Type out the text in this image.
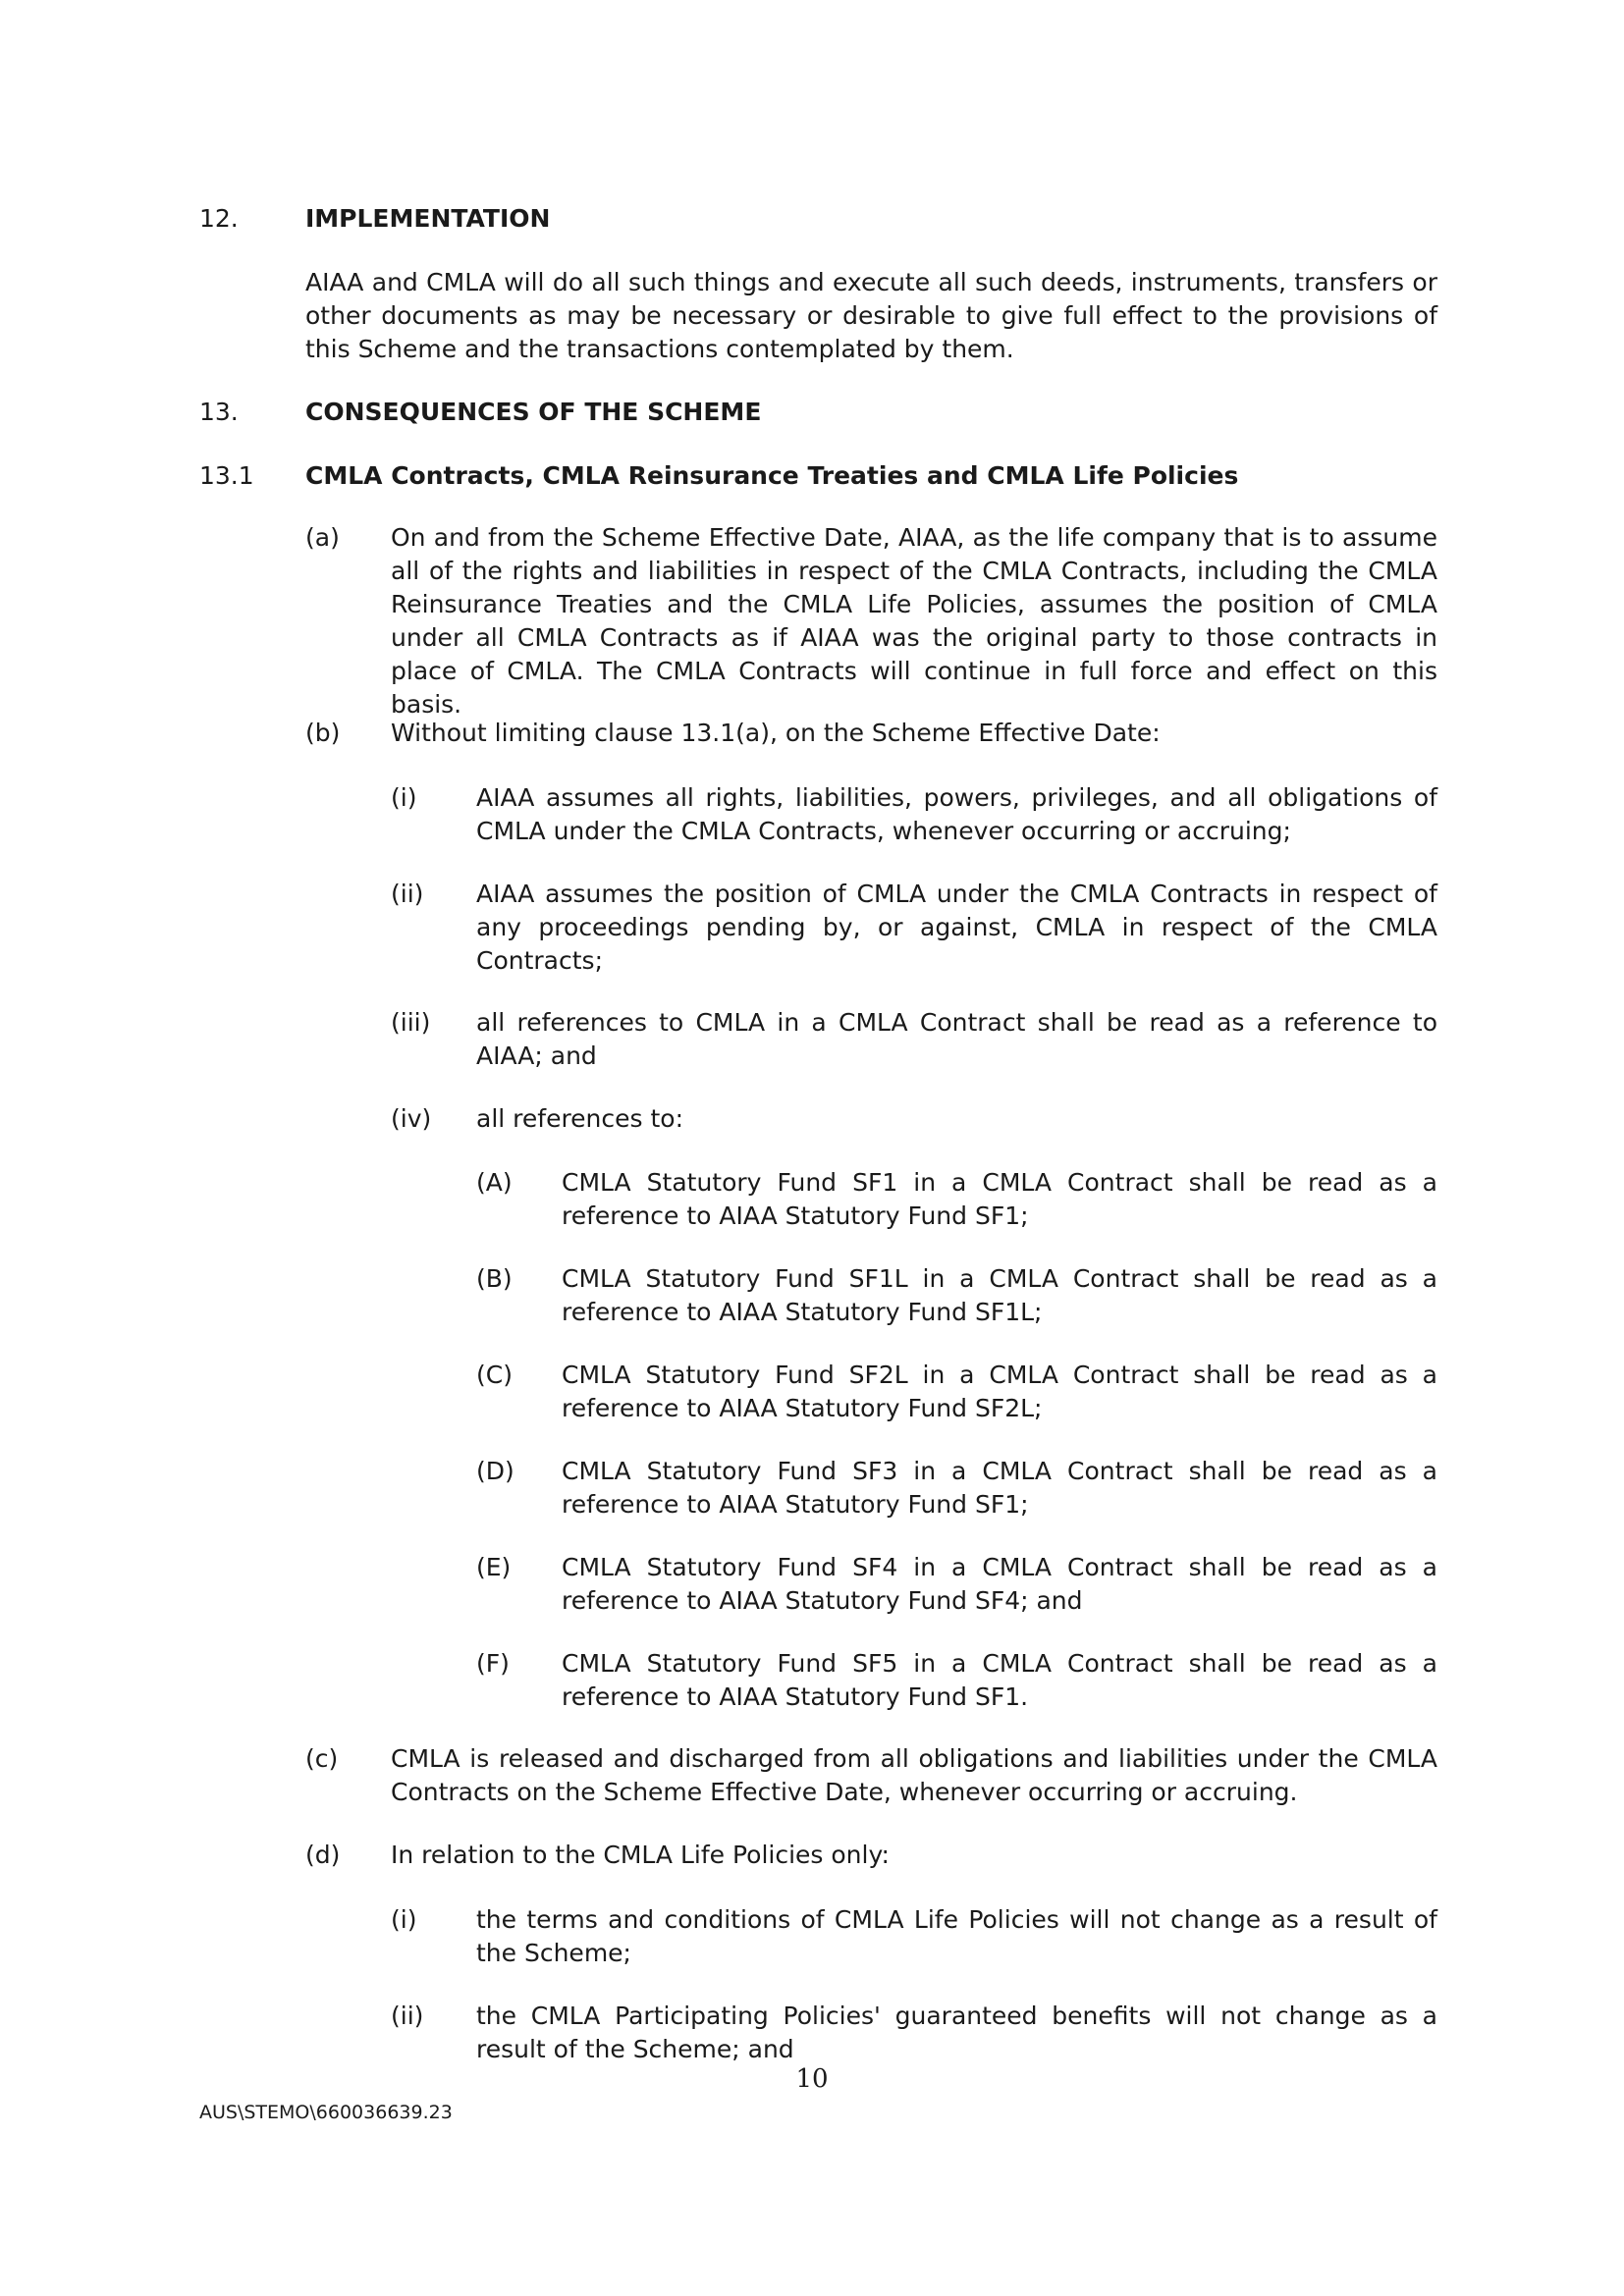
12.	IMPLEMENTATION
AIAA and CMLA will do all such things and execute all such deeds, instruments, transfers or other documents as may be necessary or desirable to give full effect to the provisions of this Scheme and the transactions contemplated by them.
13.	CONSEQUENCES OF THE SCHEME
13.1 CMLA Contracts, CMLA Reinsurance Treaties and CMLA Life Policies
(a) On and from the Scheme Effective Date, AIAA, as the life company that is to assume all of the rights and liabilities in respect of the CMLA Contracts, including the CMLA Reinsurance Treaties and the CMLA Life Policies, assumes the position of CMLA under all CMLA Contracts as if AIAA was the original party to those contracts in place of CMLA. The CMLA Contracts will continue in full force and effect on this basis.
(b) Without limiting clause 13.1(a), on the Scheme Effective Date:
(i) AIAA assumes all rights, liabilities, powers, privileges, and all obligations of CMLA under the CMLA Contracts, whenever occurring or accruing;
(ii) AIAA assumes the position of CMLA under the CMLA Contracts in respect of any proceedings pending by, or against, CMLA in respect of the CMLA Contracts;
(iii) all references to CMLA in a CMLA Contract shall be read as a reference to AIAA; and
(iv) all references to:
(A) CMLA Statutory Fund SF1 in a CMLA Contract shall be read as a reference to AIAA Statutory Fund SF1;
(B) CMLA Statutory Fund SF1L in a CMLA Contract shall be read as a reference to AIAA Statutory Fund SF1L;
(C) CMLA Statutory Fund SF2L in a CMLA Contract shall be read as a reference to AIAA Statutory Fund SF2L;
(D) CMLA Statutory Fund SF3 in a CMLA Contract shall be read as a reference to AIAA Statutory Fund SF1;
(E) CMLA Statutory Fund SF4 in a CMLA Contract shall be read as a reference to AIAA Statutory Fund SF4; and
(F) CMLA Statutory Fund SF5 in a CMLA Contract shall be read as a reference to AIAA Statutory Fund SF1.
(c) CMLA is released and discharged from all obligations and liabilities under the CMLA Contracts on the Scheme Effective Date, whenever occurring or accruing.
(d) In relation to the CMLA Life Policies only:
(i) the terms and conditions of CMLA Life Policies will not change as a result of the Scheme;
(ii) the CMLA Participating Policies' guaranteed benefits will not change as a result of the Scheme; and
10
AUS\STEMO\660036639.23
